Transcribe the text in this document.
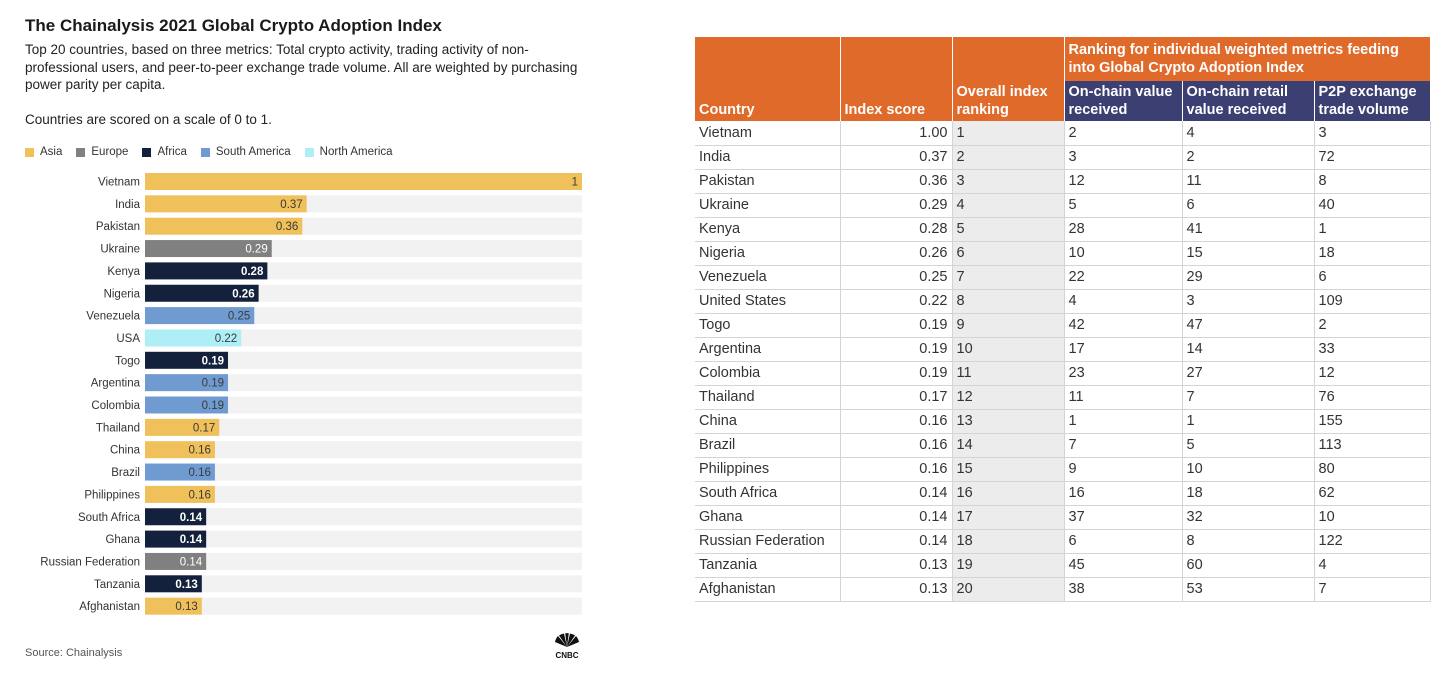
The Chainalysis 2021 Global Crypto Adoption Index
Top 20 countries, based on three metrics: Total crypto activity, trading activity of non-professional users, and peer-to-peer exchange trade volume. All are weighted by purchasing power parity per capita.
Countries are scored on a scale of 0 to 1.
Asia	Europe	Africa	South America	North America
Vietnam	1
India	0.37
Pakistan	0.36
Ukraine	0.29
Kenya	0.28
Nigeria	0.26
Venezuela	0.25
USA	0.22
Togo	0.19
Argentina	0.19
Colombia	0.19
Thailand	0.17
China	0.16
Brazil	0.16
Philippines	0.16
South Africa	0.14
Ghana	0.14
Russian Federation	0.14
Tanzania	0.13
Afghanistan	0.13
Source: Chainalysis	CNBC
Country	Index score	Overall index ranking	Ranking for individual weighted metrics feeding into Global Crypto Adoption Index		
			On-chain value received	On-chain retail value received	P2P exchange trade volume
Vietnam	1.00	1	2	4	3
India	0.37	2	3	2	72
Pakistan	0.36	3	12	11	8
Ukraine	0.29	4	5	6	40
Kenya	0.28	5	28	41	1
Nigeria	0.26	6	10	15	18
Venezuela	0.25	7	22	29	6
United States	0.22	8	4	3	109
Togo	0.19	9	42	47	2
Argentina	0.19	10	17	14	33
Colombia	0.19	11	23	27	12
Thailand	0.17	12	11	7	76
China	0.16	13	1	1	155
Brazil	0.16	14	7	5	113
Philippines	0.16	15	9	10	80
South Africa	0.14	16	16	18	62
Ghana	0.14	17	37	32	10
Russian Federation	0.14	18	6	8	122
Tanzania	0.13	19	45	60	4
Afghanistan	0.13	20	38	53	7
